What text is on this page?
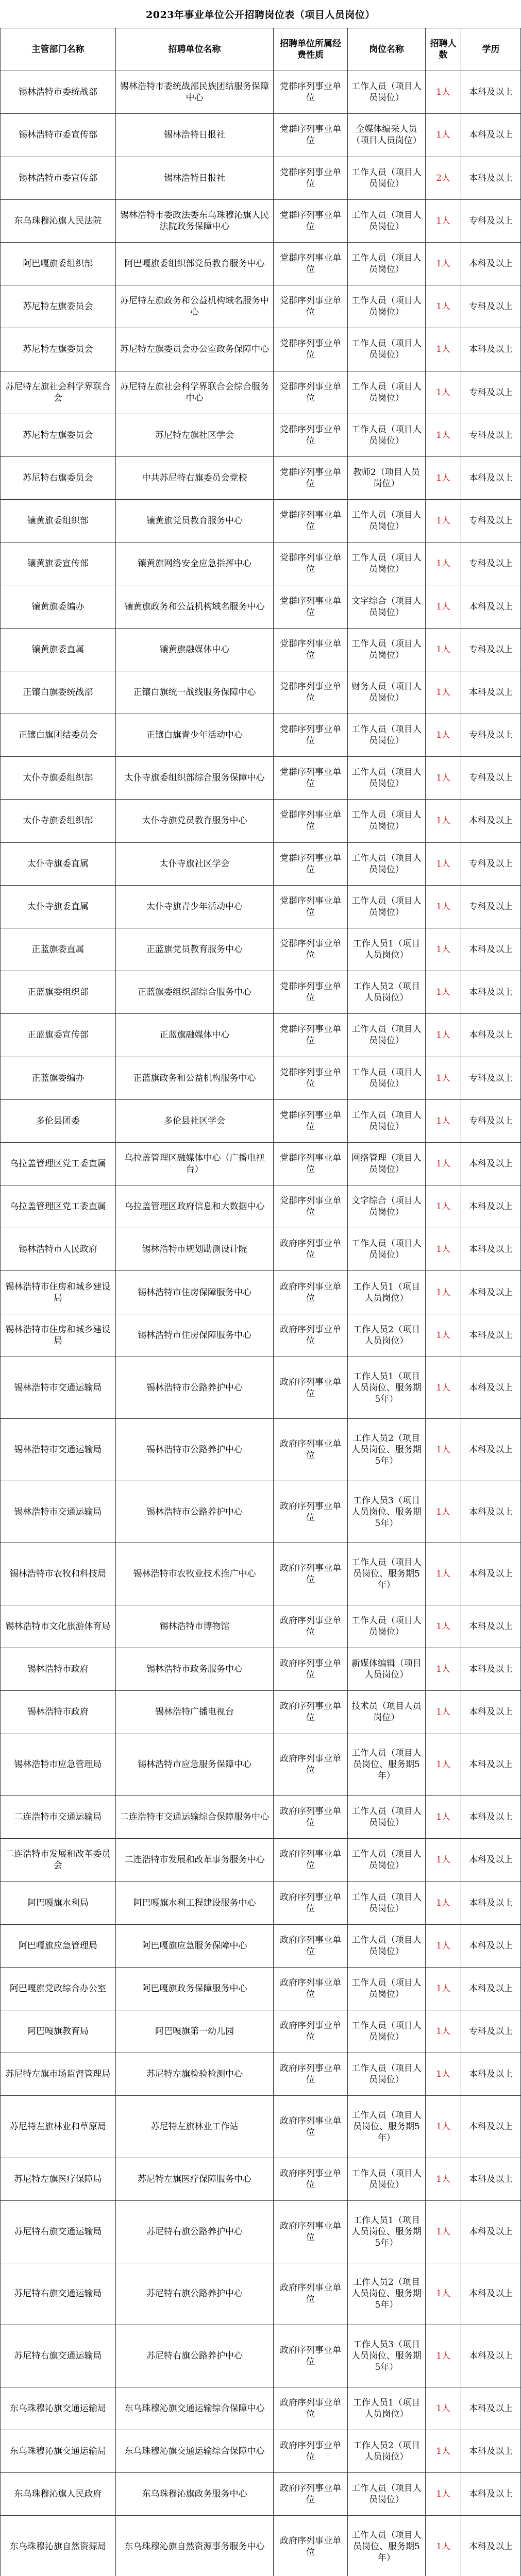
2023年事业单位公开招聘岗位表（项目人员岗位）
主管部门名称	招聘单位名称	招聘单位所属经费性质	岗位名称	招聘人数	学历
锡林浩特市委统战部	锡林浩特市委统战部民族团结服务保障中心	党群序列事业单位	工作人员（项目人员岗位）	1人	本科及以上
锡林浩特市委宣传部	锡林浩特日报社	党群序列事业单位	全媒体编采人员（项目人员岗位）	1人	本科及以上
锡林浩特市委宣传部	锡林浩特日报社	党群序列事业单位	工作人员（项目人员岗位）	2人	本科及以上
东乌珠穆沁旗人民法院	锡林浩特市委政法委东乌珠穆沁旗人民法院政务保障中心	党群序列事业单位	工作人员（项目人员岗位）	1人	专科及以上
阿巴嘎旗委组织部	阿巴嘎旗委组织部党员教育服务中心	党群序列事业单位	工作人员（项目人员岗位）	1人	本科及以上
苏尼特左旗委员会	苏尼特左旗政务和公益机构域名服务中心	党群序列事业单位	工作人员（项目人员岗位）	1人	专科及以上
苏尼特左旗委员会	苏尼特左旗委员会办公室政务保障中心	党群序列事业单位	工作人员（项目人员岗位）	1人	本科及以上
苏尼特左旗社会科学界联合会	苏尼特左旗社会科学界联合会综合服务中心	党群序列事业单位	工作人员（项目人员岗位）	1人	专科及以上
苏尼特左旗委员会	苏尼特左旗社区学会	党群序列事业单位	工作人员（项目人员岗位）	1人	专科及以上
苏尼特右旗委员会	中共苏尼特右旗委员会党校	党群序列事业单位	教师2（项目人员岗位）	1人	本科及以上
镶黄旗委组织部	镶黄旗党员教育服务中心	党群序列事业单位	工作人员（项目人员岗位）	1人	专科及以上
镶黄旗委宣传部	镶黄旗网络安全应急指挥中心	党群序列事业单位	工作人员（项目人员岗位）	1人	专科及以上
镶黄旗委编办	镶黄旗政务和公益机构域名服务中心	党群序列事业单位	文字综合（项目人员岗位）	1人	本科及以上
镶黄旗委直属	镶黄旗融媒体中心	党群序列事业单位	工作人员（项目人员岗位）	1人	专科及以上
正镶白旗委统战部	正镶白旗统一战线服务保障中心	党群序列事业单位	财务人员（项目人员岗位）	1人	本科及以上
正镶白旗团结委员会	正镶白旗青少年活动中心	党群序列事业单位	工作人员（项目人员岗位）	1人	专科及以上
太仆寺旗委组织部	太仆寺旗委组织部综合服务保障中心	党群序列事业单位	工作人员（项目人员岗位）	1人	专科及以上
太仆寺旗委组织部	太仆寺旗党员教育服务中心	党群序列事业单位	工作人员（项目人员岗位）	1人	本科及以上
太仆寺旗委直属	太仆寺旗社区学会	党群序列事业单位	工作人员（项目人员岗位）	1人	专科及以上
太仆寺旗委直属	太仆寺旗青少年活动中心	党群序列事业单位	工作人员（项目人员岗位）	1人	专科及以上
正蓝旗委直属	正蓝旗党员教育服务中心	党群序列事业单位	工作人员1（项目人员岗位）	1人	本科及以上
正蓝旗委组织部	正蓝旗委组织部综合服务中心	党群序列事业单位	工作人员2（项目人员岗位）	1人	本科及以上
正蓝旗委宣传部	正蓝旗融媒体中心	党群序列事业单位	工作人员（项目人员岗位）	1人	本科及以上
正蓝旗委编办	正蓝旗政务和公益机构服务中心	党群序列事业单位	工作人员（项目人员岗位）	1人	专科及以上
多伦县团委	多伦县社区学会	党群序列事业单位	工作人员（项目人员岗位）	1人	专科及以上
乌拉盖管理区党工委直属	乌拉盖管理区融媒体中心（广播电视台）	党群序列事业单位	网络管理（项目人员岗位）	1人	本科及以上
乌拉盖管理区党工委直属	乌拉盖管理区政府信息和大数据中心	党群序列事业单位	文字综合（项目人员岗位）	1人	本科及以上
锡林浩特市人民政府	锡林浩特市规划勘测设计院	政府序列事业单位	工作人员（项目人员岗位）	1人	本科及以上
锡林浩特市住房和城乡建设局	锡林浩特市住房保障服务中心	政府序列事业单位	工作人员1（项目人员岗位）	1人	本科及以上
锡林浩特市住房和城乡建设局	锡林浩特市住房保障服务中心	政府序列事业单位	工作人员2（项目人员岗位）	1人	本科及以上
锡林浩特市交通运输局	锡林浩特市公路养护中心	政府序列事业单位	工作人员1（项目人员岗位、服务期5年）	1人	本科及以上
锡林浩特市交通运输局	锡林浩特市公路养护中心	政府序列事业单位	工作人员2（项目人员岗位、服务期5年）	1人	本科及以上
锡林浩特市交通运输局	锡林浩特市公路养护中心	政府序列事业单位	工作人员3（项目人员岗位、服务期5年）	1人	本科及以上
锡林浩特市农牧和科技局	锡林浩特市农牧业技术推广中心	政府序列事业单位	工作人员（项目人员岗位、服务期5年）	1人	本科及以上
锡林浩特市文化旅游体育局	锡林浩特市博物馆	政府序列事业单位	工作人员（项目人员岗位）	1人	本科及以上
锡林浩特市政府	锡林浩特市政务服务中心	政府序列事业单位	新媒体编辑（项目人员岗位）	1人	本科及以上
锡林浩特市政府	锡林浩特广播电视台	政府序列事业单位	技术员（项目人员岗位）	1人	本科及以上
锡林浩特市应急管理局	锡林浩特市应急服务保障中心	政府序列事业单位	工作人员（项目人员岗位、服务期5年）	1人	本科及以上
二连浩特市交通运输局	二连浩特市交通运输综合保障服务中心	政府序列事业单位	工作人员（项目人员岗位）	1人	本科及以上
二连浩特市发展和改革委员会	二连浩特市发展和改革事务服务中心	政府序列事业单位	工作人员（项目人员岗位）	1人	本科及以上
阿巴嘎旗水利局	阿巴嘎旗水利工程建设服务中心	政府序列事业单位	工作人员（项目人员岗位）	1人	本科及以上
阿巴嘎旗应急管理局	阿巴嘎旗应急服务保障中心	政府序列事业单位	工作人员（项目人员岗位）	1人	本科及以上
阿巴嘎旗党政综合办公室	阿巴嘎旗政务保障服务中心	政府序列事业单位	工作人员（项目人员岗位）	1人	本科及以上
阿巴嘎旗教育局	阿巴嘎旗第一幼儿园	政府序列事业单位	工作人员（项目人员岗位）	1人	专科及以上
苏尼特左旗市场监督管理局	苏尼特左旗检验检测中心	政府序列事业单位	工作人员（项目人员岗位）	1人	本科及以上
苏尼特左旗林业和草原局	苏尼特左旗林业工作站	政府序列事业单位	工作人员（项目人员岗位、服务期5年）	1人	本科及以上
苏尼特左旗医疗保障局	苏尼特左旗医疗保障服务中心	政府序列事业单位	工作人员（项目人员岗位）	1人	本科及以上
苏尼特右旗交通运输局	苏尼特右旗公路养护中心	政府序列事业单位	工作人员1（项目人员岗位、服务期5年）	1人	本科及以上
苏尼特右旗交通运输局	苏尼特右旗公路养护中心	政府序列事业单位	工作人员2（项目人员岗位、服务期5年）	1人	本科及以上
苏尼特右旗交通运输局	苏尼特右旗公路养护中心	政府序列事业单位	工作人员3（项目人员岗位、服务期5年）	1人	本科及以上
东乌珠穆沁旗交通运输局	东乌珠穆沁旗交通运输综合保障中心	政府序列事业单位	工作人员1（项目人员岗位）	1人	本科及以上
东乌珠穆沁旗交通运输局	东乌珠穆沁旗交通运输综合保障中心	政府序列事业单位	工作人员2（项目人员岗位）	1人	本科及以上
东乌珠穆沁旗人民政府	东乌珠穆沁旗政务服务中心	政府序列事业单位	工作人员（项目人员岗位）	1人	本科及以上
东乌珠穆沁旗自然资源局	东乌珠穆沁旗自然资源事务服务中心	政府序列事业单位	工作人员（项目人员岗位、服务期5年）	1人	本科及以上
